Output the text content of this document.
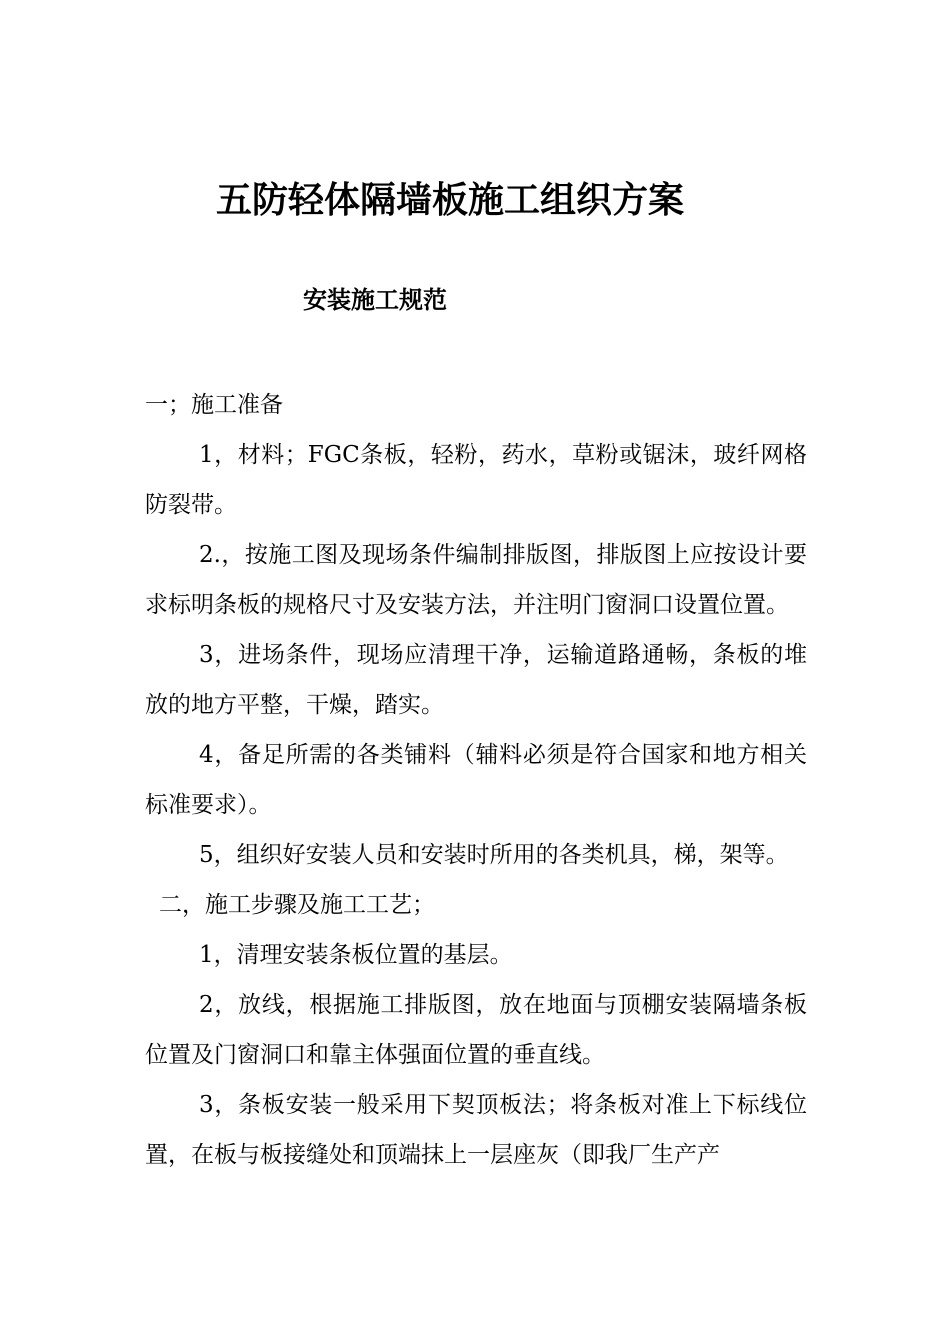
五防轻体隔墙板施工组织方案
安装施工规范

一；施工准备

1，材料；FGC条板，轻粉，药水，草粉或锯沫，玻纤网格防裂带。

2.，按施工图及现场条件编制排版图，排版图上应按设计要求标明条板的规格尺寸及安装方法，并注明门窗洞口设置位置。

3，进场条件，现场应清理干净，运输道路通畅，条板的堆放的地方平整，干燥，踏实。

4，备足所需的各类铺料（辅料必须是符合国家和地方相关标准要求）。

5，组织好安装人员和安装时所用的各类机具，梯，架等。

二，施工步骤及施工工艺；

1，清理安装条板位置的基层。

2，放线，根据施工排版图，放在地面与顶棚安装隔墙条板位置及门窗洞口和靠主体强面位置的垂直线。

3，条板安装一般采用下契顶板法；将条板对准上下标线位置，在板与板接缝处和顶端抹上一层座灰（即我厂生产产
